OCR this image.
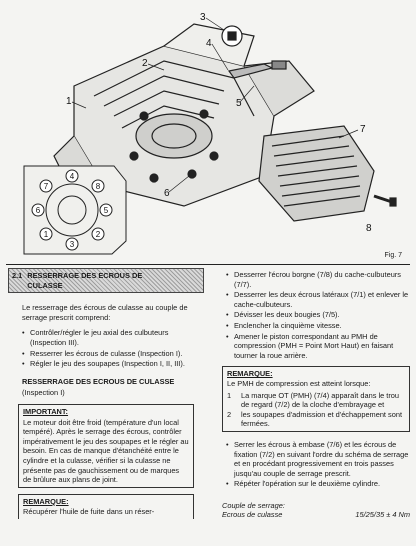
7	8
1	2
4
3
6	5
1
2
3
4
5
6
7
8
Fig. 7
2.1 RESSERRAGE DES ECROUS DE CULASSE

Le resserrage des écrous de culasse au couple de serrage prescrit comprend:

• Contrôler/régler le jeu axial des culbuteurs (Inspection III).
• Resserrer les écrous de culasse (Inspection I).
• Régler le jeu des soupapes (Inspection I, II, III).
RESSERRAGE DES ECROUS DE CULASSE
(Inspection I)
IMPORTANT:
Le moteur doit être froid (température d'un local tempéré). Après le serrage des écrous, contrôler impérativement le jeu des soupapes et le régler au besoin. En cas de manque d'étanchéité entre le cylindre et la culasse, vérifier si la culasse ne présente pas de gauchissement ou de marques de brûlure aux plans de joint.
REMARQUE:
Récupérer l'huile de fuite dans un réser-
• Desserrer l'écrou borgne (7/8) du cache-culbuteurs (7/7).
• Desserrer les deux écrous latéraux (7/1) et enlever le cache-culbuteurs.
• Dévisser les deux bougies (7/5).
• Enclencher la cinquième vitesse.
• Amener le piston correspondant au PMH de compression (PMH = Point Mort Haut) en faisant tourner la roue arrière.
REMARQUE:
Le PMH de compression est atteint lorsque:
1	La marque OT (PMH) (7/4) apparaît dans le trou de regard (7/2) de la cloche d'embrayage et
2	les soupapes d'admission et d'échappement sont fermées.
• Serrer les écrous à embase (7/6) et les écrous de fixation (7/2) en suivant l'ordre du schéma de serrage et en procédant progressivement en trois passes jusqu'au couple de serrage prescrit.
• Répéter l'opération sur le deuxième cylindre.
Couple de serrage:
Ecrous de culasse	15/25/35 ± 4 Nm
